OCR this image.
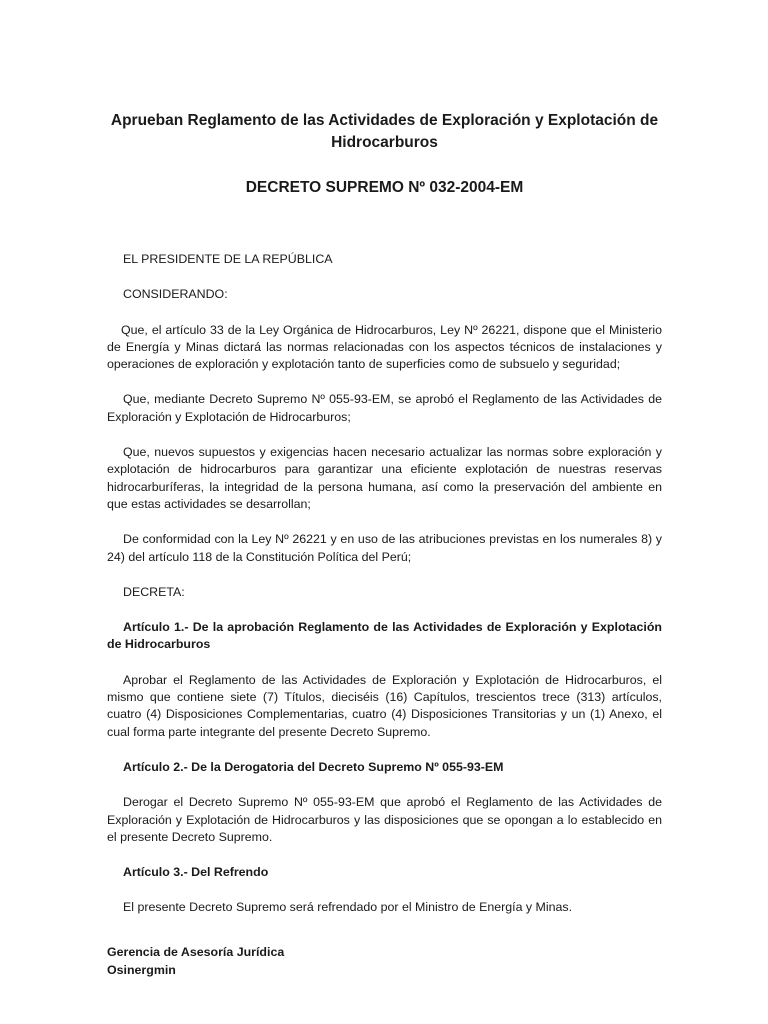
Aprueban Reglamento de las Actividades de Exploración y Explotación de Hidrocarburos
DECRETO SUPREMO Nº 032-2004-EM

EL PRESIDENTE DE LA REPÚBLICA

CONSIDERANDO:

Que, el artículo 33 de la Ley Orgánica de Hidrocarburos, Ley Nº 26221, dispone que el Ministerio de Energía y Minas dictará las normas relacionadas con los aspectos técnicos de instalaciones y operaciones de exploración y explotación tanto de superficies como de subsuelo y seguridad;

Que, mediante Decreto Supremo Nº 055-93-EM, se aprobó el Reglamento de las Actividades de Exploración y Explotación de Hidrocarburos;

Que, nuevos supuestos y exigencias hacen necesario actualizar las normas sobre exploración y explotación de hidrocarburos para garantizar una eficiente explotación de nuestras reservas hidrocarburíferas, la integridad de la persona humana, así como la preservación del ambiente en que estas actividades se desarrollan;

De conformidad con la Ley Nº 26221 y en uso de las atribuciones previstas en los numerales 8) y 24) del artículo 118 de la Constitución Política del Perú;

DECRETA:

Artículo 1.- De la aprobación Reglamento de las Actividades de Exploración y Explotación de Hidrocarburos

Aprobar el Reglamento de las Actividades de Exploración y Explotación de Hidrocarburos, el mismo que contiene siete (7) Títulos, dieciséis (16) Capítulos, trescientos trece (313) artículos, cuatro (4) Disposiciones Complementarias, cuatro (4) Disposiciones Transitorias y un (1) Anexo, el cual forma parte integrante del presente Decreto Supremo.

Artículo 2.- De la Derogatoria del Decreto Supremo Nº 055-93-EM

Derogar el Decreto Supremo Nº 055-93-EM que aprobó el Reglamento de las Actividades de Exploración y Explotación de Hidrocarburos y las disposiciones que se opongan a lo establecido en el presente Decreto Supremo.

Artículo 3.- Del Refrendo

El presente Decreto Supremo será refrendado por el Ministro de Energía y Minas.

Gerencia de Asesoría Jurídica
Osinergmin
